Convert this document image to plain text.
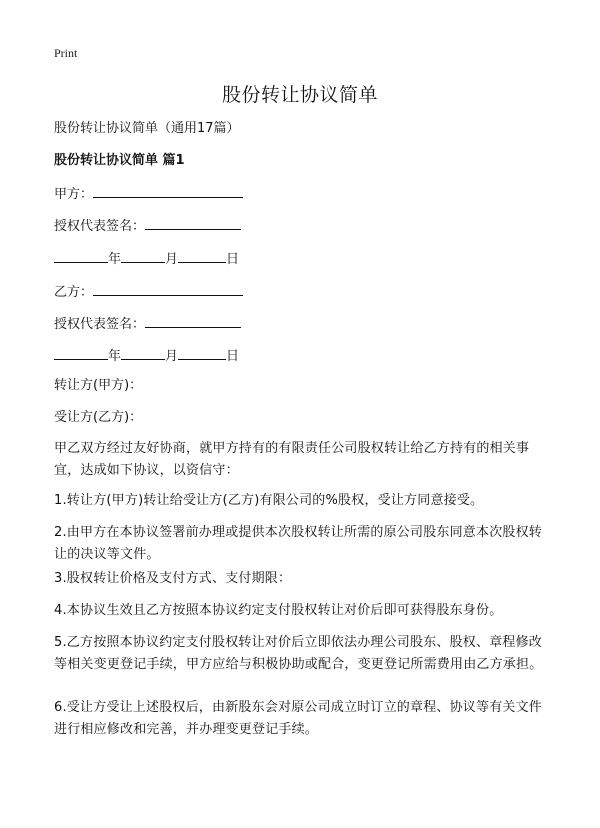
Print
股份转让协议简单
股份转让协议简单（通用17篇）
股份转让协议简单 篇1
甲方：
授权代表签名：
年	月	日
乙方：
授权代表签名：
年	月	日
转让方(甲方)：
受让方(乙方)：

甲乙双方经过友好协商，就甲方持有的有限责任公司股权转让给乙方持有的相关事宜，达成如下协议，以资信守：

1.转让方(甲方)转让给受让方(乙方)有限公司的%股权，受让方同意接受。

2.由甲方在本协议签署前办理或提供本次股权转让所需的原公司股东同意本次股权转让的决议等文件。

3.股权转让价格及支付方式、支付期限：

4.本协议生效且乙方按照本协议约定支付股权转让对价后即可获得股东身份。

5.乙方按照本协议约定支付股权转让对价后立即依法办理公司股东、股权、章程修改等相关变更登记手续，甲方应给与积极协助或配合，变更登记所需费用由乙方承担。

6.受让方受让上述股权后，由新股东会对原公司成立时订立的章程、协议等有关文件进行相应修改和完善，并办理变更登记手续。
